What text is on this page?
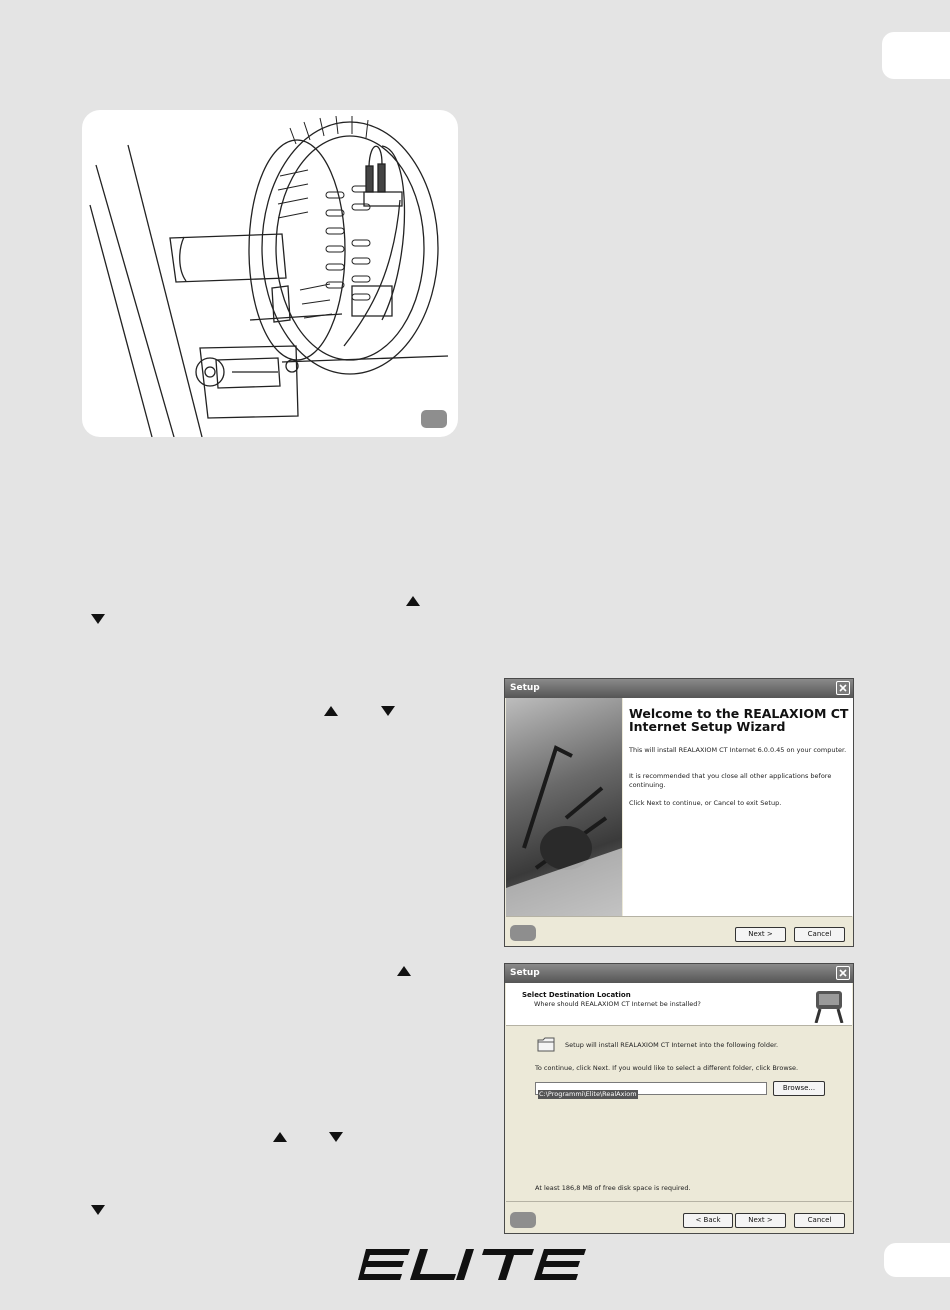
Setup
Welcome to the REALAXIOM CT Internet Setup Wizard
This will install REALAXIOM CT Internet 6.0.0.45 on your computer.
It is recommended that you close all other applications before continuing.
Click Next to continue, or Cancel to exit Setup.
Next >	Cancel
Setup
Select Destination Location
Where should REALAXIOM CT Internet be installed?
Setup will install REALAXIOM CT Internet into the following folder.
To continue, click Next. If you would like to select a different folder, click Browse.
C:\Programmi\Elite\RealAxiom
Browse...
At least 186,8 MB of free disk space is required.
< Back	Next >	Cancel
